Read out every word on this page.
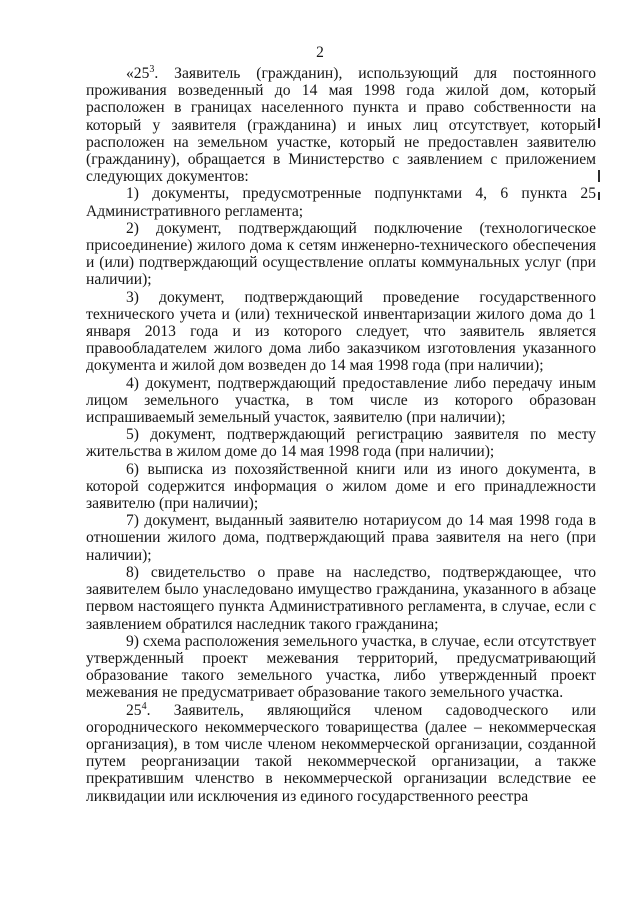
2

«$25^3$. Заявитель (гражданин), использующий для постоянного проживания возведенный до 14 мая 1998 года жилой дом, который расположен в границах населенного пункта и право собственности на который у заявителя (гражданина) и иных лиц отсутствует, который расположен на земельном участке, который не предоставлен заявителю (гражданину), обращается в Министерство с заявлением с приложением следующих документов:

1) документы, предусмотренные подпунктами 4, 6 пункта 25 Административного регламента;

2) документ, подтверждающий подключение (технологическое присоединение) жилого дома к сетям инженерно-технического обеспечения и (или) подтверждающий осуществление оплаты коммунальных услуг (при наличии);

3) документ, подтверждающий проведение государственного технического учета и (или) технической инвентаризации жилого дома до 1 января 2013 года и из которого следует, что заявитель является правообладателем жилого дома либо заказчиком изготовления указанного документа и жилой дом возведен до 14 мая 1998 года (при наличии);

4) документ, подтверждающий предоставление либо передачу иным лицом земельного участка, в том числе из которого образован испрашиваемый земельный участок, заявителю (при наличии);

5) документ, подтверждающий регистрацию заявителя по месту жительства в жилом доме до 14 мая 1998 года (при наличии);

6) выписка из похозяйственной книги или из иного документа, в которой содержится информация о жилом доме и его принадлежности заявителю (при наличии);

7) документ, выданный заявителю нотариусом до 14 мая 1998 года в отношении жилого дома, подтверждающий права заявителя на него (при наличии);

8) свидетельство о праве на наследство, подтверждающее, что заявителем было унаследовано имущество гражданина, указанного в абзаце первом настоящего пункта Административного регламента, в случае, если с заявлением обратился наследник такого гражданина;

9) схема расположения земельного участка, в случае, если отсутствует утвержденный проект межевания территорий, предусматривающий образование такого земельного участка, либо утвержденный проект межевания не предусматривает образование такого земельного участка.

$25^4$. Заявитель, являющийся членом садоводческого или огороднического некоммерческого товарищества (далее – некоммерческая организация), в том числе членом некоммерческой организации, созданной путем реорганизации такой некоммерческой организации, а также прекратившим членство в некоммерческой организации вследствие ее ликвидации или исключения из единого государственного реестра
